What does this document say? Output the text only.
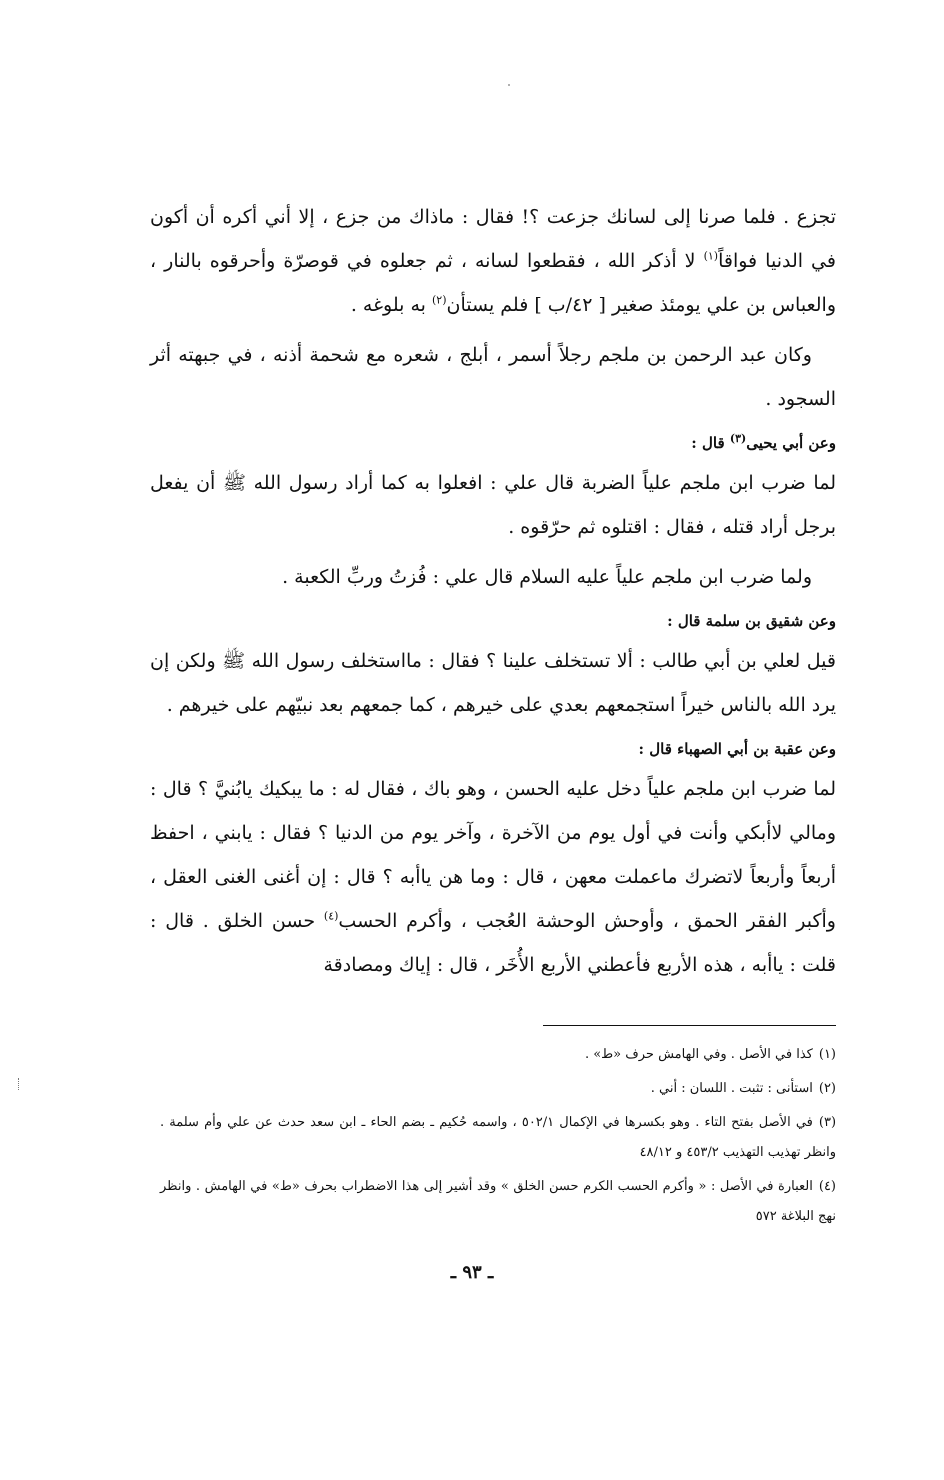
تجزع . فلما صرنا إلى لسانك جزعت ؟! فقال : ماذاك من جزع ، إلا أني أكره أن أكون في الدنيا فواقاً$^{(١)}$ لا أذكر الله ، فقطعوا لسانه ، ثم جعلوه في قوصرّة وأحرقوه بالنار ، والعباس بن علي يومئذ صغير [ ٤٢/ب ] فلم يستأن$^{(٢)}$ به بلوغه .

وكان عبد الرحمن بن ملجم رجلاً أسمر ، أبلج ، شعره مع شحمة أذنه ، في جبهته أثر السجود .

وعن أبي يحيى$^{(٣)}$ قال :

لما ضرب ابن ملجم علياً الضربة قال علي : افعلوا به كما أراد رسول الله ﷺ أن يفعل برجل أراد قتله ، فقال : اقتلوه ثم حرّقوه .

ولما ضرب ابن ملجم علياً عليه السلام قال علي : فُزتُ وربِّ الكعبة .

وعن شقيق بن سلمة قال :

قيل لعلي بن أبي طالب : ألا تستخلف علينا ؟ فقال : مااستخلف رسول الله ﷺ ولكن إن يرد الله بالناس خيراً استجمعهم بعدي على خيرهم ، كما جمعهم بعد نبيّهم على خيرهم .

وعن عقبة بن أبي الصهباء قال :

لما ضرب ابن ملجم علياً دخل عليه الحسن ، وهو باك ، فقال له : ما يبكيك يابُنيَّ ؟ قال : ومالي لاأبكي وأنت في أول يوم من الآخرة ، وآخر يوم من الدنيا ؟ فقال : يابني ، احفظ أربعاً وأربعاً لاتضرك ماعملت معهن ، قال : وما هن ياأبه ؟ قال : إن أغنى الغنى العقل ، وأكبر الفقر الحمق ، وأوحش الوحشة العُجب ، وأكرم الحسب$^{(٤)}$ حسن الخلق . قال : قلت : ياأبه ، هذه الأربع فأعطني الأربع الأُخَر ، قال : إياك ومصادقة

(١)كذا في الأصل . وفي الهامش حرف «ط» .

(٢)استأنى : تثبت . اللسان : أني .

(٣)في الأصل بفتح التاء . وهو بكسرها في الإكمال ٥٠٢/١ ، واسمه حُكيم ـ بضم الحاء ـ ابن سعد حدث عن علي وأم سلمة . وانظر تهذيب التهذيب ٤٥٣/٢ و ٤٨/١٢

(٤)العبارة في الأصل : « وأكرم الحسب الكرم حسن الخلق » وقد أشير إلى هذا الاضطراب بحرف «ط» في الهامش . وانظر نهج البلاغة ٥٧٢

ـ ٩٣ ـ
